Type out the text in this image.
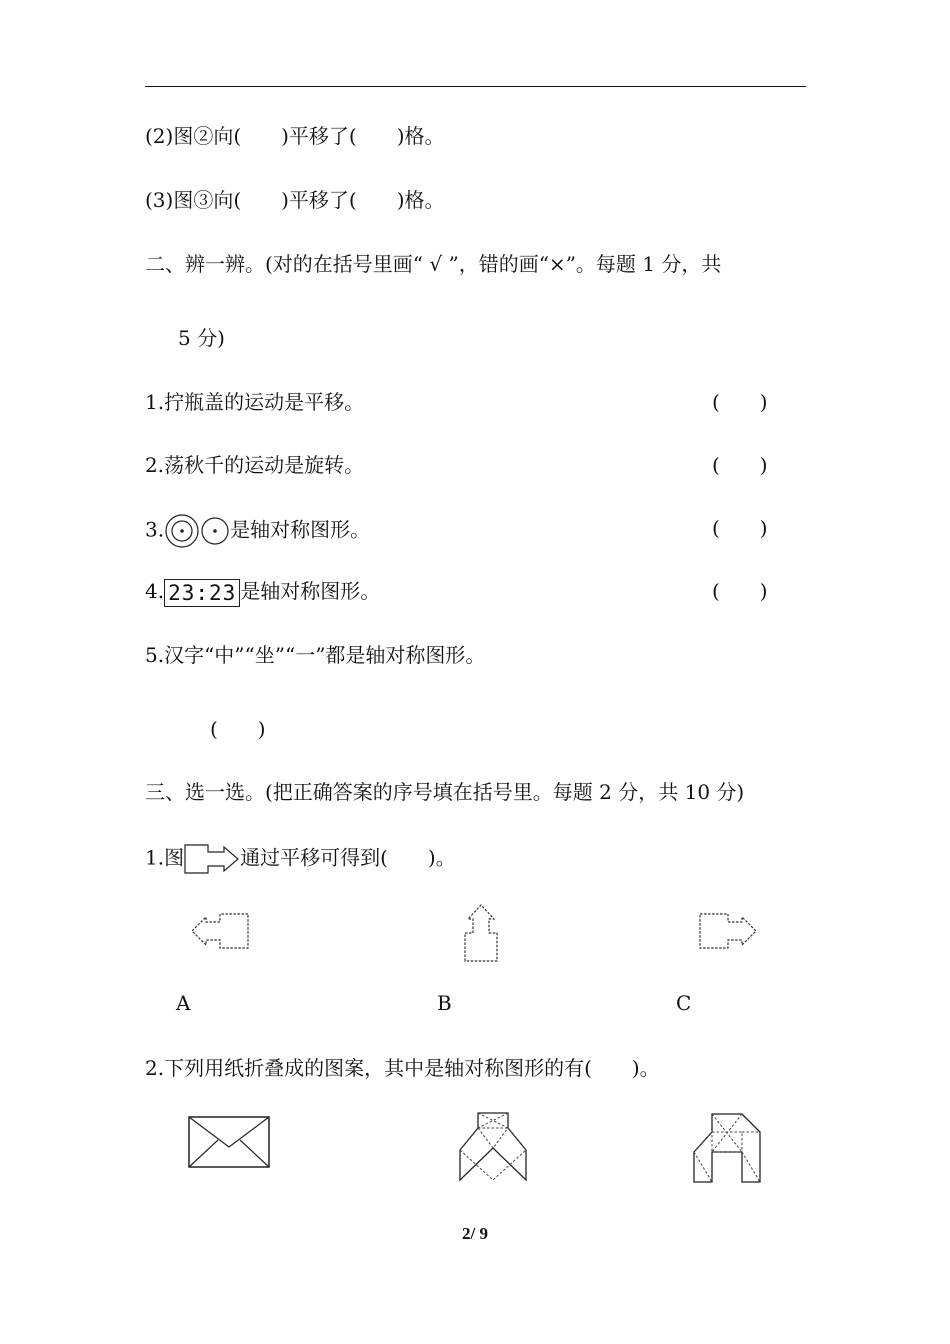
(2)图②向(　　)平移了(　　)格。
(3)图③向(　　)平移了(　　)格。
二、辨一辨。(对的在括号里画“ √ ”，错的画“×”。每题 1 分，共
5 分)
1.拧瓶盖的运动是平移。	(　　)
2.荡秋千的运动是旋转。	(　　)
3.	是轴对称图形。	(　　)
4. 23:23 是轴对称图形。	(　　)
5.汉字“中”“坐”“一”都是轴对称图形。
(　　)
三、选一选。(把正确答案的序号填在括号里。每题 2 分，共 10 分)
1.图	通过平移可得到(　　)。
A	B	C
2.下列用纸折叠成的图案，其中是轴对称图形的有(　　)。
2/ 9
